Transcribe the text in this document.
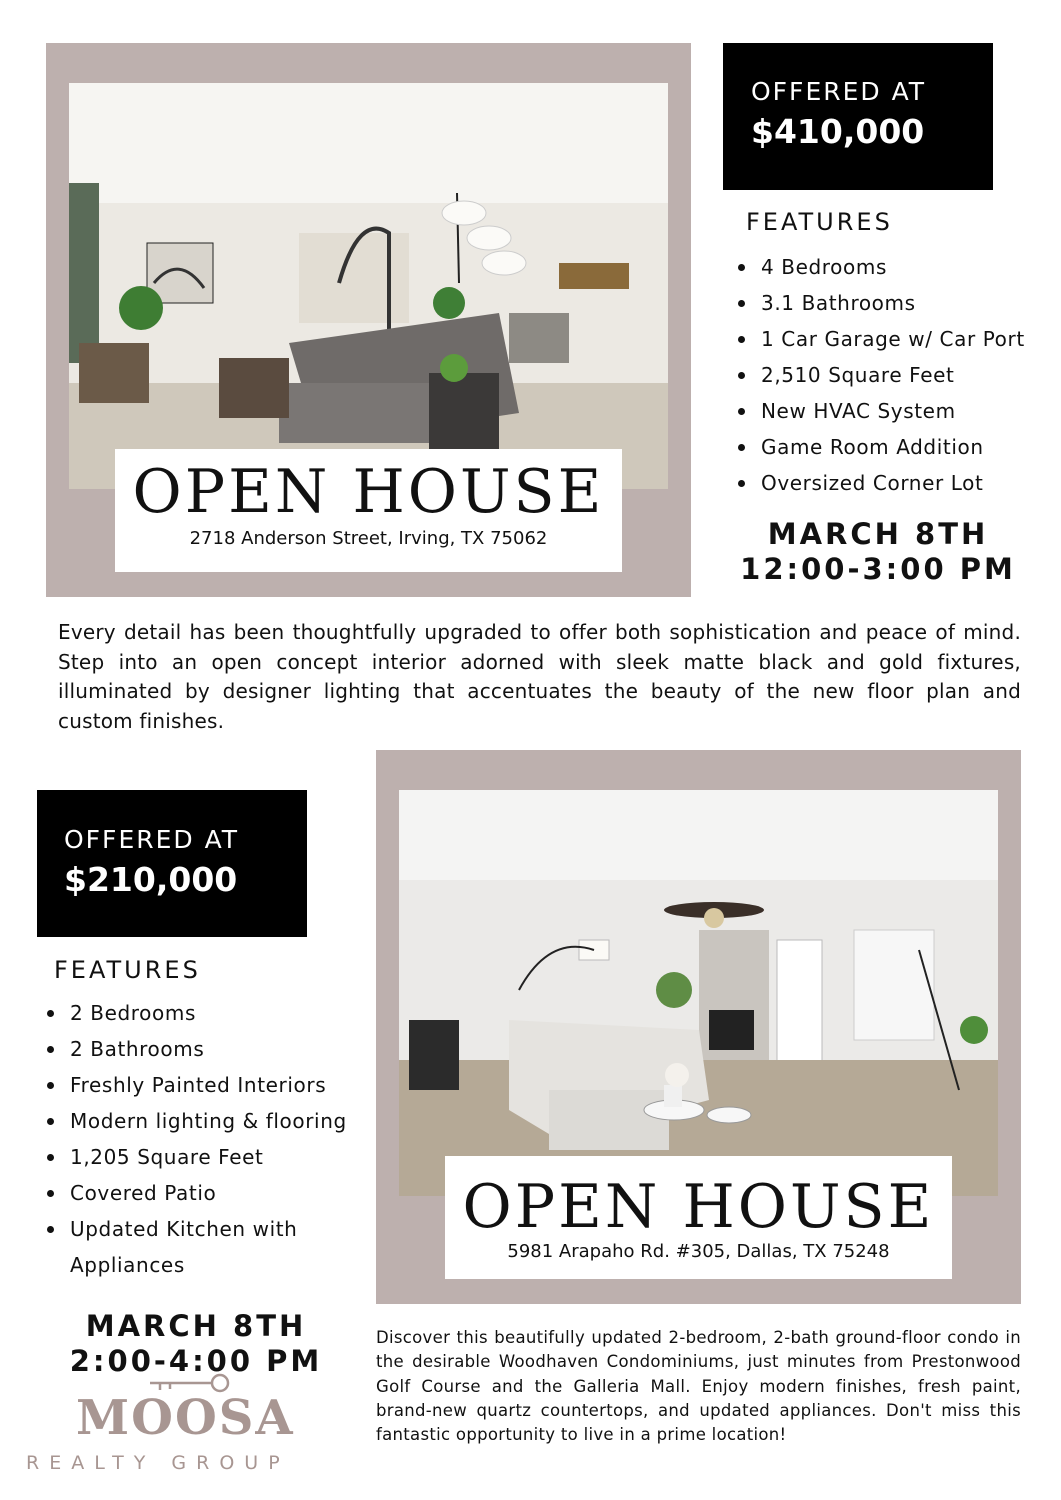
OPEN HOUSE
2718 Anderson Street, Irving, TX 75062
OFFERED AT
$410,000
FEATURES
4 Bedrooms
3.1 Bathrooms
1 Car Garage w/ Car Port
2,510 Square Feet
New HVAC System
Game Room Addition
Oversized Corner Lot
MARCH 8TH
12:00-3:00 PM
Every detail has been thoughtfully upgraded to offer both sophistication and peace of mind. Step into an open concept interior adorned with sleek matte black and gold fixtures, illuminated by designer lighting that accentuates the beauty of the new floor plan and custom finishes.
OPEN HOUSE
5981 Arapaho Rd. #305, Dallas, TX 75248
OFFERED AT
$210,000
FEATURES
2 Bedrooms
2 Bathrooms
Freshly Painted Interiors
Modern lighting & flooring
1,205 Square Feet
Covered Patio
Updated Kitchen with
Appliances
MARCH 8TH
2:00-4:00 PM
Discover this beautifully updated 2-bedroom, 2-bath ground-floor condo in the desirable Woodhaven Condominiums, just minutes from Prestonwood Golf Course and the Galleria Mall. Enjoy modern finishes, fresh paint, brand-new quartz countertops, and updated appliances. Don't miss this fantastic opportunity to live in a prime location!
MOOSA
REALTY GROUP
